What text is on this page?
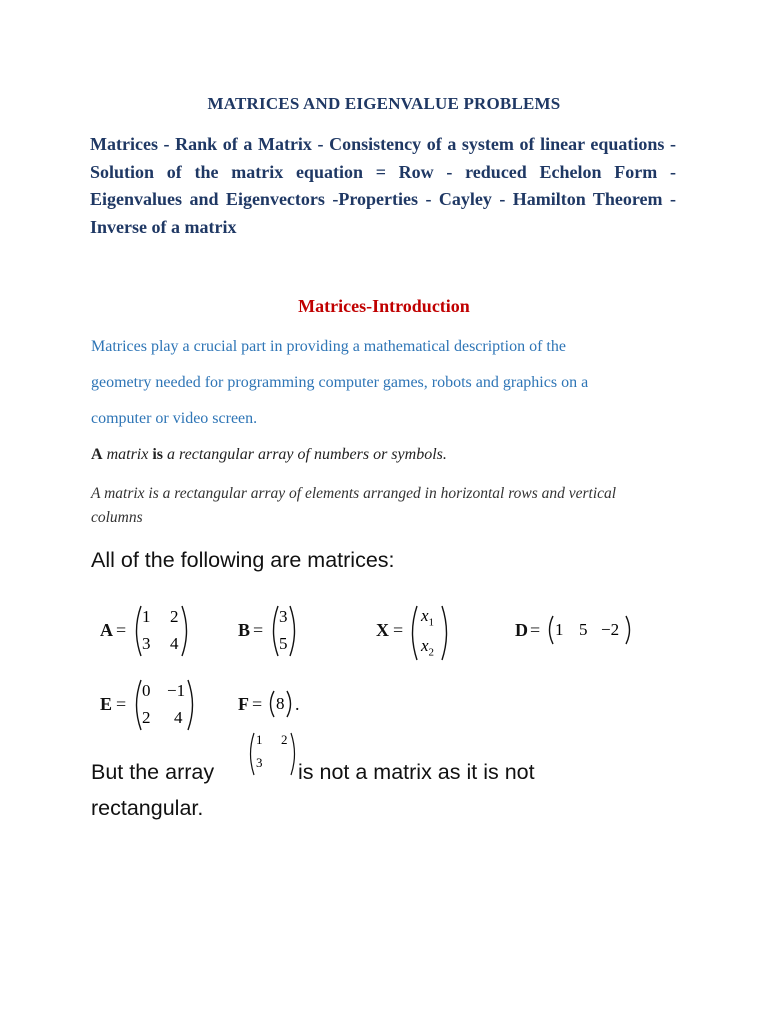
MATRICES AND EIGENVALUE PROBLEMS
Matrices - Rank of a Matrix - Consistency of a system of linear equations - Solution of the matrix equation = Row - reduced Echelon Form - Eigenvalues and Eigenvectors -Properties - Cayley - Hamilton Theorem - Inverse of a matrix
Matrices-Introduction
Matrices play a crucial part in providing a mathematical description of the
geometry needed for programming computer games, robots and graphics on a
computer or video screen.
A matrix is a rectangular array of numbers or symbols.
A matrix is a rectangular array of elements arranged in horizontal rows and vertical columns
All of the following are matrices:
A =
1 2
3 4
B =
3
5
X =
$x_1$
$x_2$
D = 1 5 −2
E =
0 −1
2 4
F = 8 .
But the array
1 2
3 is not a matrix as it is not
rectangular.
